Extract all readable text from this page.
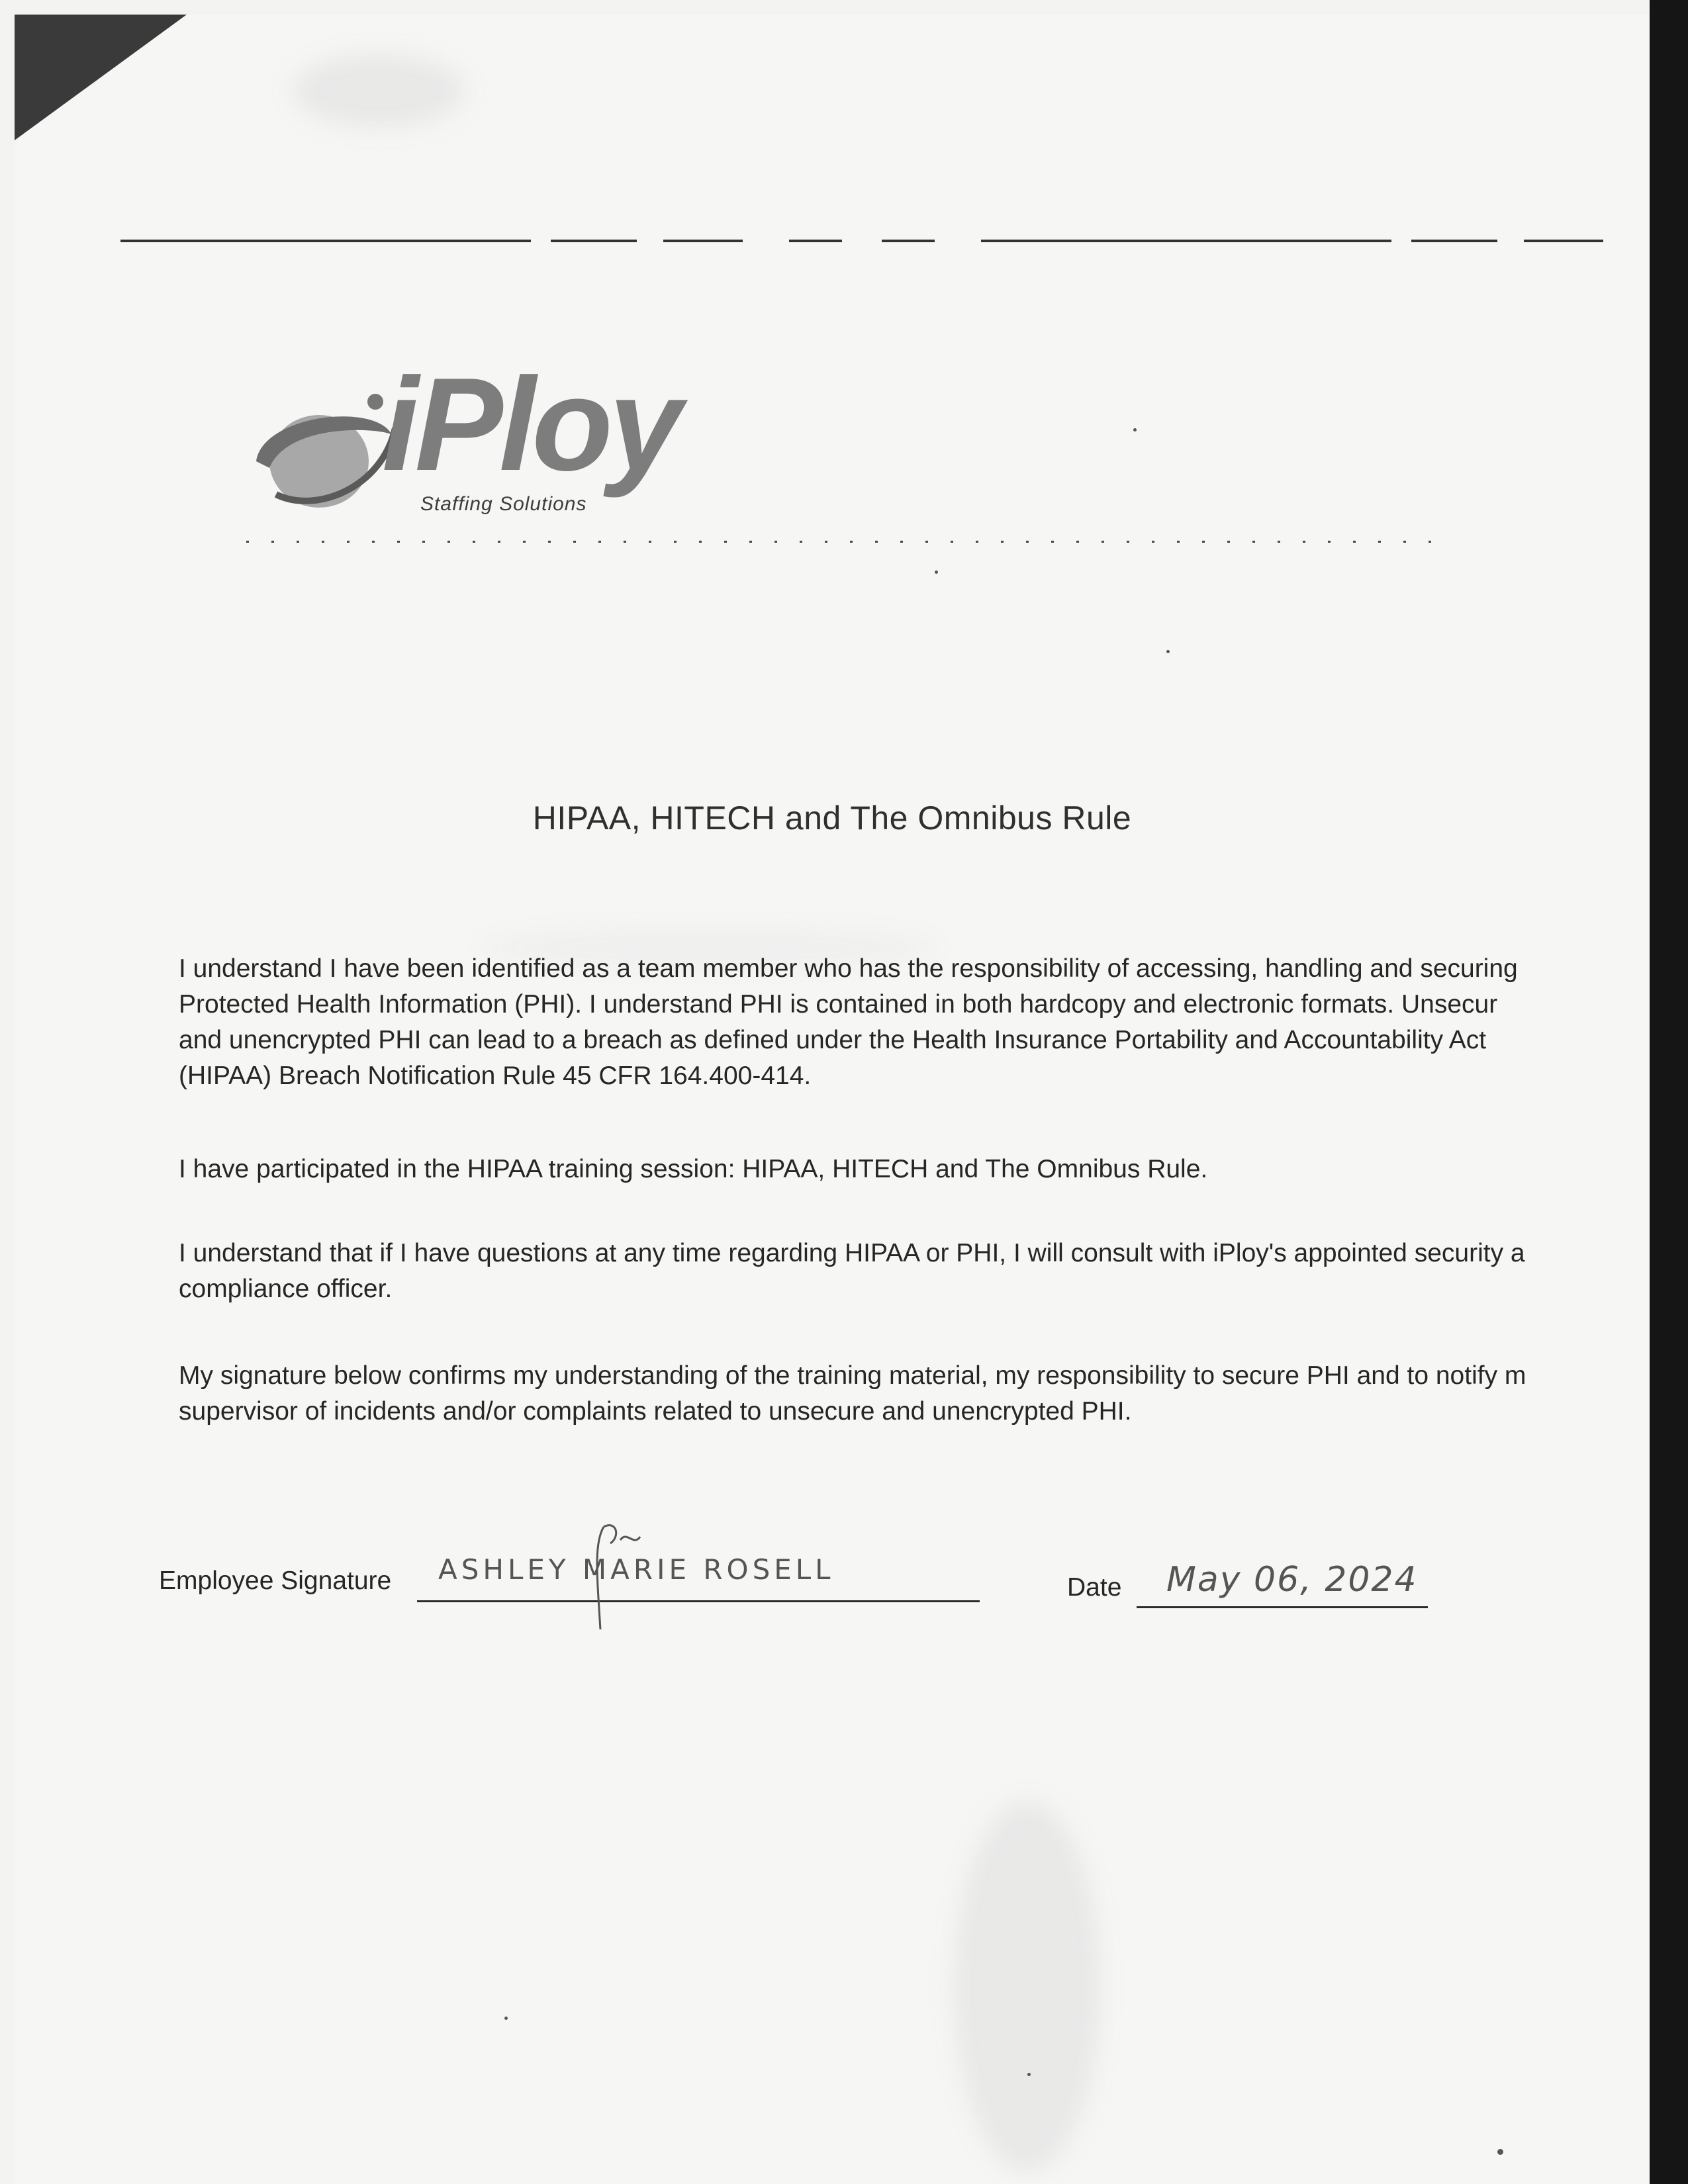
iPloy
Staffing Solutions
HIPAA, HITECH and The Omnibus Rule
I understand I have been identified as a team member who has the responsibility of accessing, handling and securing
Protected Health Information (PHI). I understand PHI is contained in both hardcopy and electronic formats. Unsecur
and unencrypted PHI can lead to a breach as defined under the Health Insurance Portability and Accountability Act
(HIPAA) Breach Notification Rule 45 CFR 164.400-414.
I have participated in the HIPAA training session: HIPAA, HITECH and The Omnibus Rule.
I understand that if I have questions at any time regarding HIPAA or PHI, I will consult with iPloy's appointed security a
compliance officer.
My signature below confirms my understanding of the training material, my responsibility to secure PHI and to notify m
supervisor of incidents and/or complaints related to unsecure and unencrypted PHI.
Employee Signature ASHLEY MARIE ROSELL
Date May 06, 2024
